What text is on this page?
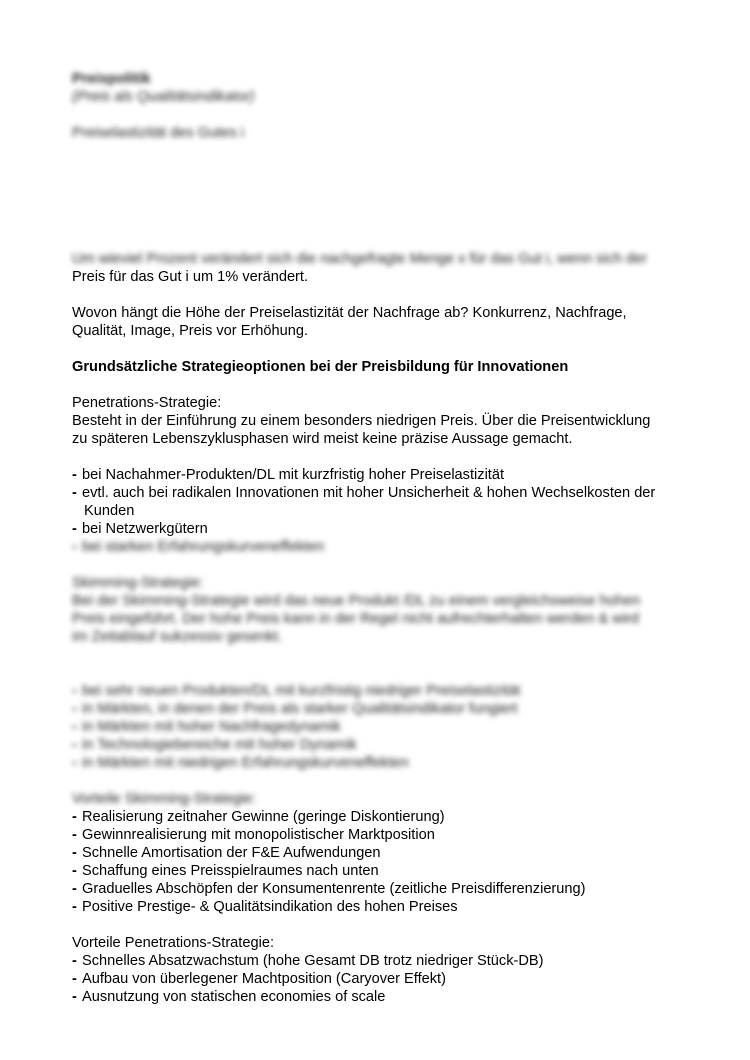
Preispolitik

(Preis als Qualitätsindikator)

Preiselastizität des Gutes i

Um wieviel Prozent verändert sich die nachgefragte Menge x für das Gut i, wenn sich der

Preis für das Gut i um 1% verändert.

Wovon hängt die Höhe der Preiselastizität der Nachfrage ab? Konkurrenz, Nachfrage,

Qualität, Image, Preis vor Erhöhung.

Grundsätzliche Strategieoptionen bei der Preisbildung für Innovationen

Penetrations-Strategie:

Besteht in der Einführung zu einem besonders niedrigen Preis. Über die Preisentwicklung

zu späteren Lebenszyklusphasen wird meist keine präzise Aussage gemacht.

- bei Nachahmer-Produkten/DL mit kurzfristig hoher Preiselastizität
- evtl. auch bei radikalen Innovationen mit hoher Unsicherheit & hohen Wechselkosten der
Kunden
- bei Netzwerkgütern
- bei starken Erfahrungskurveneffekten

Skimming-Strategie:

Bei der Skimming-Strategie wird das neue Produkt /DL zu einem vergleichsweise hohen

Preis eingeführt. Der hohe Preis kann in der Regel nicht aufrechterhalten werden & wird

im Zeitablauf sukzessiv gesenkt.

- bei sehr neuen Produkten/DL mit kurzfristig niedriger Preiselastizität
- in Märkten, in denen der Preis als starker Qualitätsindikator fungiert
- in Märkten mit hoher Nachfragedynamik
- in Technologiebereiche mit hoher Dynamik
- in Märkten mit niedrigen Erfahrungskurveneffekten

Vorteile Skimming-Strategie:

- Realisierung zeitnaher Gewinne (geringe Diskontierung)
- Gewinnrealisierung mit monopolistischer Marktposition
- Schnelle Amortisation der F&E Aufwendungen
- Schaffung eines Preisspielraumes nach unten
- Graduelles Abschöpfen der Konsumentenrente (zeitliche Preisdifferenzierung)
- Positive Prestige- & Qualitätsindikation des hohen Preises

Vorteile Penetrations-Strategie:

- Schnelles Absatzwachstum (hohe Gesamt DB trotz niedriger Stück-DB)
- Aufbau von überlegener Machtposition (Caryover Effekt)
- Ausnutzung von statischen economies of scale
